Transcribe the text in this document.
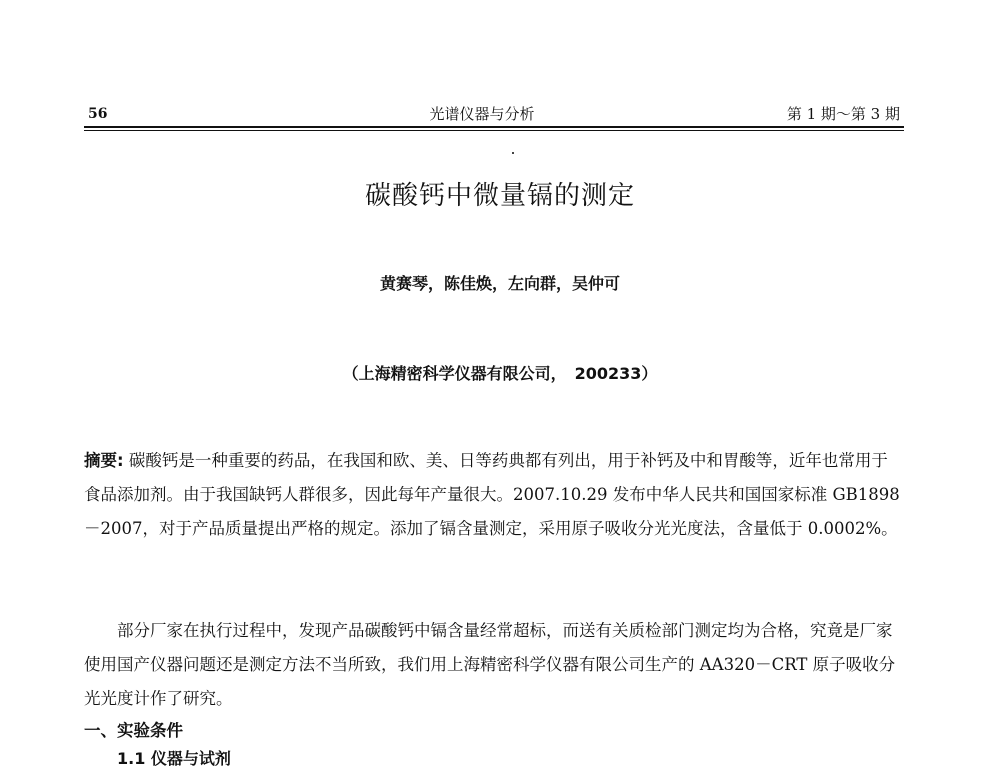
56	光谱仪器与分析	第 1 期～第 3 期
碳酸钙中微量镉的测定
黄赛琴，陈佳焕，左向群，吴仲可
（上海精密科学仪器有限公司，　200233）

摘要: 碳酸钙是一种重要的药品，在我国和欧、美、日等药典都有列出，用于补钙及中和胃酸等，近年也常用于食品添加剂。由于我国缺钙人群很多，因此每年产量很大。2007.10.29 发布中华人民共和国国家标准 GB1898－2007，对于产品质量提出严格的规定。添加了镉含量测定，采用原子吸收分光光度法，含量低于 0.0002%。

部分厂家在执行过程中，发现产品碳酸钙中镉含量经常超标，而送有关质检部门测定均为合格，究竟是厂家使用国产仪器问题还是测定方法不当所致，我们用上海精密科学仪器有限公司生产的 AA320－CRT 原子吸收分光光度计作了研究。

一、实验条件
1.1 仪器与试剂
